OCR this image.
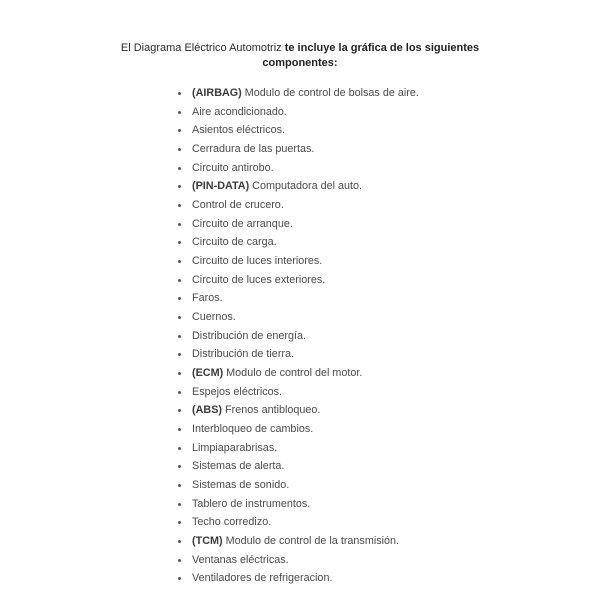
El Diagrama Eléctrico Automotriz te incluye la gráfica de los siguientes
componentes:
(AIRBAG) Modulo de control de bolsas de aire.
Aire acondicionado.
Asientos eléctricos.
Cerradura de las puertas.
Circuito antirobo.
(PIN-DATA) Computadora del auto.
Control de crucero.
Circuito de arranque.
Circuito de carga.
Circuito de luces interiores.
Circuito de luces exteriores.
Faros.
Cuernos.
Distribución de energía.
Distribución de tierra.
(ECM) Modulo de control del motor.
Espejos eléctricos.
(ABS) Frenos antibloqueo.
Interbloqueo de cambios.
Limpiaparabrisas.
Sistemas de alerta.
Sistemas de sonido.
Tablero de instrumentos.
Techo corredizo.
(TCM) Modulo de control de la transmisión.
Ventanas eléctricas.
Ventiladores de refrigeracion.
